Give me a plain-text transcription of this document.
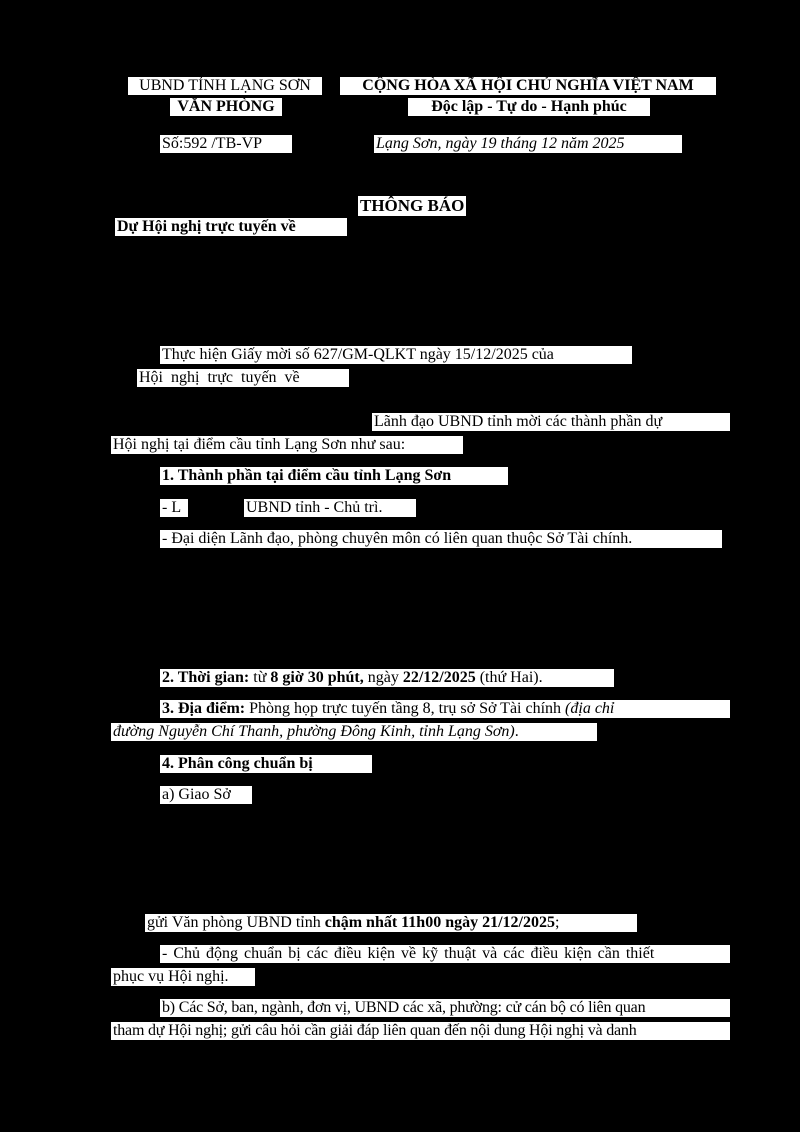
UBND TỈNH LẠNG SƠN
VĂN PHÒNG
CỘNG HÒA XÃ HỘI CHỦ NGHĨA VIỆT NAM
Độc lập - Tự do - Hạnh phúc
Số:592 /TB-VP	Lạng Sơn, ngày 19 tháng 12 năm 2025
THÔNG BÁO
Dự Hội nghị trực tuyến về
Thực hiện Giấy mời số 627/GM-QLKT ngày 15/12/2025 của
Hội nghị trực tuyến về
Lãnh đạo UBND tỉnh mời các thành phần dự
Hội nghị tại điểm cầu tỉnh Lạng Sơn như sau:
1. Thành phần tại điểm cầu tỉnh Lạng Sơn
- L	UBND tỉnh - Chủ trì.
- Đại diện Lãnh đạo, phòng chuyên môn có liên quan thuộc Sở Tài chính.
2. Thời gian: từ 8 giờ 30 phút, ngày 22/12/2025 (thứ Hai).
3. Địa điểm: Phòng họp trực tuyến tầng 8, trụ sở Sở Tài chính (địa chỉ
đường Nguyễn Chí Thanh, phường Đông Kinh, tỉnh Lạng Sơn).
4. Phân công chuẩn bị
a) Giao Sở
gửi Văn phòng UBND tỉnh chậm nhất 11h00 ngày 21/12/2025;
- Chủ động chuẩn bị các điều kiện về kỹ thuật và các điều kiện cần thiết
phục vụ Hội nghị.
b) Các Sở, ban, ngành, đơn vị, UBND các xã, phường: cử cán bộ có liên quan
tham dự Hội nghị; gửi câu hỏi cần giải đáp liên quan đến nội dung Hội nghị và danh
